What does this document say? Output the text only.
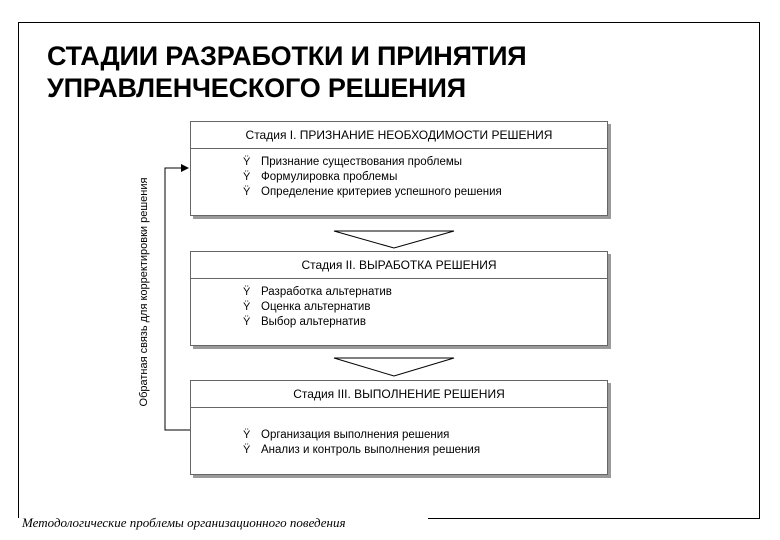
СТАДИИ РАЗРАБОТКИ И ПРИНЯТИЯ
УПРАВЛЕНЧЕСКОГО РЕШЕНИЯ
Обратная связь для корректировки решения
Стадия I. ПРИЗНАНИЕ НЕОБХОДИМОСТИ РЕШЕНИЯ
Ÿ Признание существования проблемы
Ÿ Формулировка проблемы
Ÿ Определение критериев успешного решения
Стадия II. ВЫРАБОТКА РЕШЕНИЯ
Ÿ Разработка альтернатив
Ÿ Оценка альтернатив
Ÿ Выбор альтернатив
Стадия III. ВЫПОЛНЕНИЕ РЕШЕНИЯ
Ÿ Организация выполнения решения
Ÿ Анализ и контроль выполнения решения
Методологические проблемы организационного поведения
